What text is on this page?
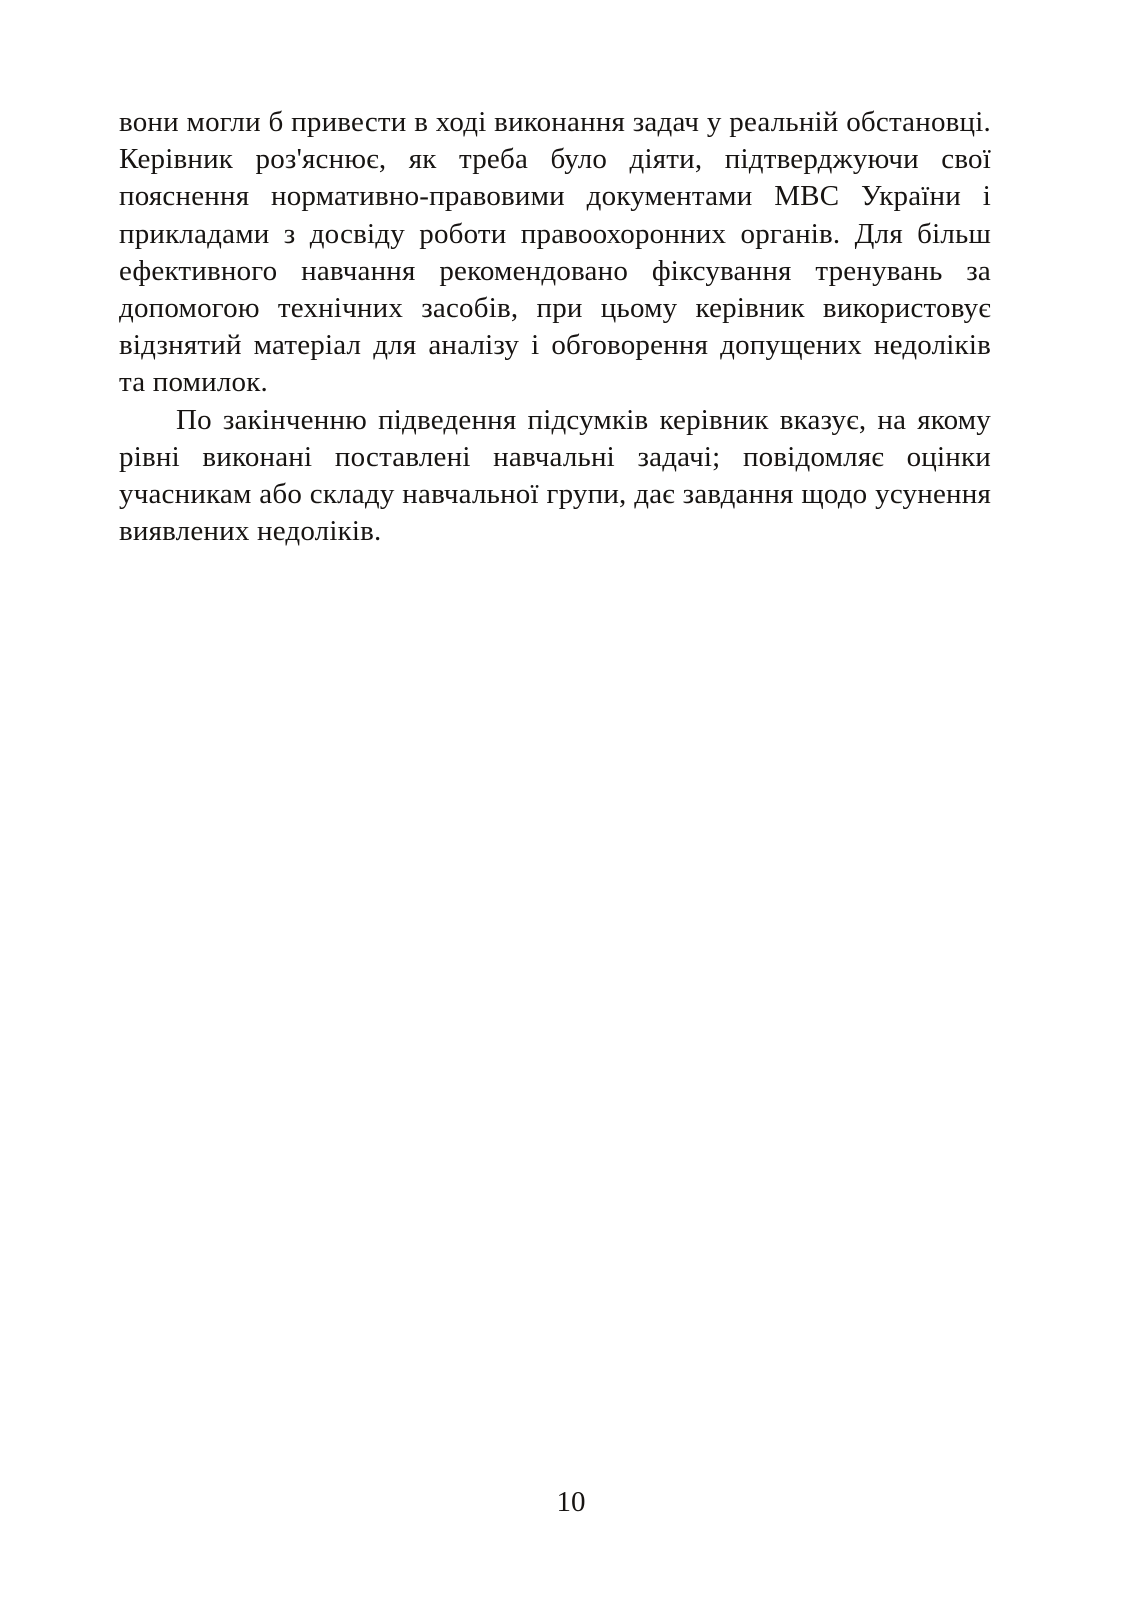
вони могли б привести в ході виконання задач у реальній обстановці. Керівник роз'яснює, як треба було діяти, підтверджуючи свої пояснення нормативно-правовими документами МВС України і прикладами з досвіду роботи правоохоронних органів. Для більш ефективного навчання рекомендовано фіксування тренувань за допомогою технічних засобів, при цьому керівник використовує відзнятий матеріал для аналізу і обговорення допущених недоліків та помилок.

По закінченню підведення підсумків керівник вказує, на якому рівні виконані поставлені навчальні задачі; повідомляє оцінки учасникам або складу навчальної групи, дає завдання щодо усунення виявлених недоліків.

10
